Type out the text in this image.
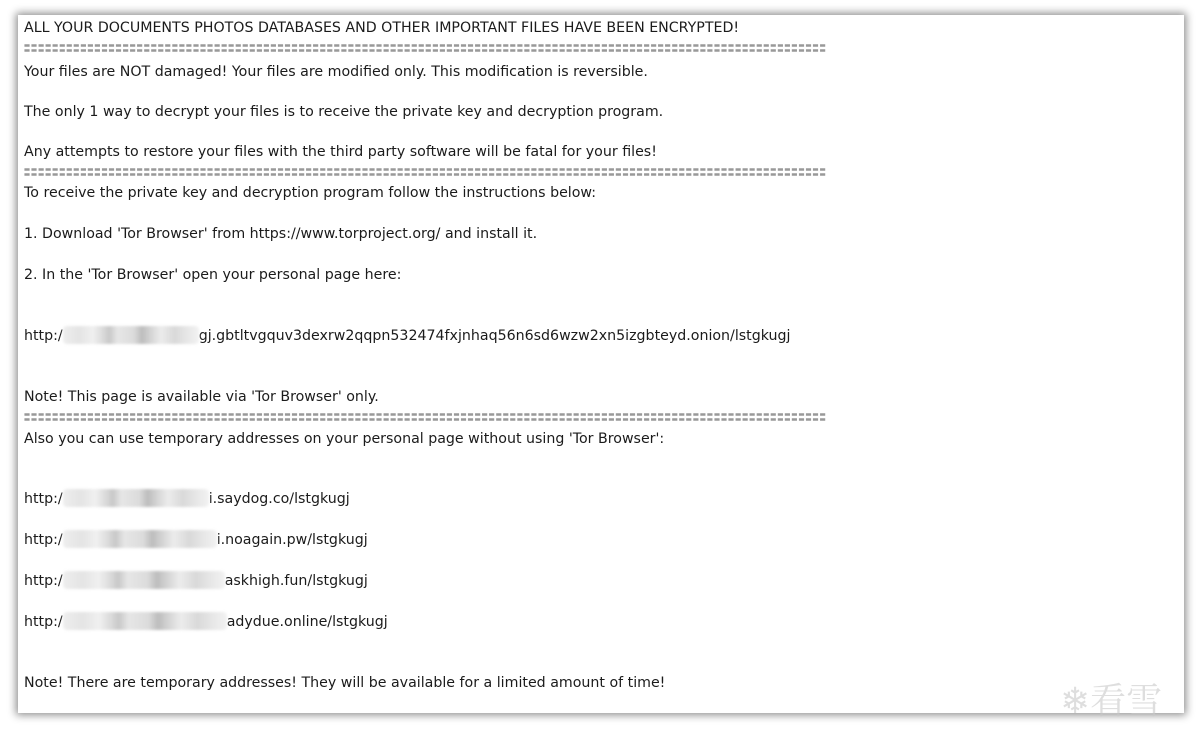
ALL YOUR DOCUMENTS PHOTOS DATABASES AND OTHER IMPORTANT FILES HAVE BEEN ENCRYPTED!
Your files are NOT damaged! Your files are modified only. This modification is reversible.
The only 1 way to decrypt your files is to receive the private key and decryption program.
Any attempts to restore your files with the third party software will be fatal for your files!
To receive the private key and decryption program follow the instructions below:
1. Download 'Tor Browser' from https://www.torproject.org/ and install it.
2. In the 'Tor Browser' open your personal page here:
http:/	gj.gbtltvgquv3dexrw2qqpn532474fxjnhaq56n6sd6wzw2xn5izgbteyd.onion/lstgkugj
Note! This page is available via 'Tor Browser' only.
Also you can use temporary addresses on your personal page without using 'Tor Browser':
http:/	i.saydog.co/lstgkugj
http:/	i.noagain.pw/lstgkugj
http:/	askhigh.fun/lstgkugj
http:/	adydue.online/lstgkugj
Note! There are temporary addresses! They will be available for a limited amount of time!	❄看雪
